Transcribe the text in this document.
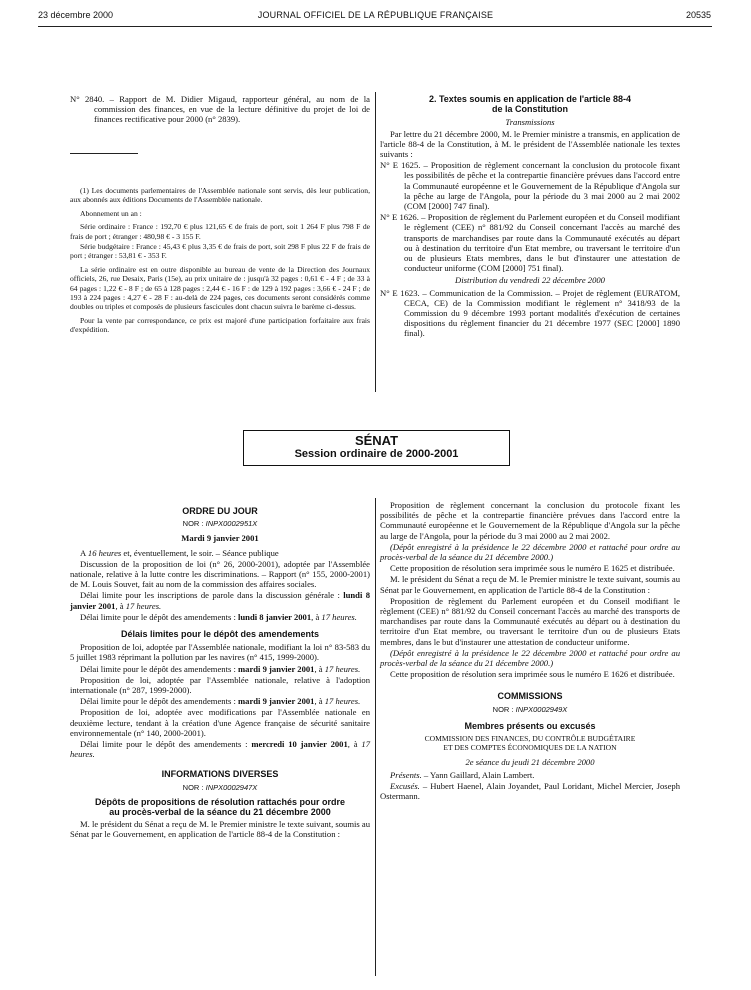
23 décembre 2000	JOURNAL OFFICIEL DE LA RÉPUBLIQUE FRANÇAISE	20535

N° 2840. – Rapport de M. Didier Migaud, rapporteur général, au nom de la commission des finances, en vue de la lecture définitive du projet de loi de finances rectificative pour 2000 (n° 2839).

(1) Les documents parlementaires de l'Assemblée nationale sont servis, dès leur publication, aux abonnés aux éditions Documents de l'Assemblée nationale.

Abonnement un an :

Série ordinaire : France : 192,70 € plus 121,65 € de frais de port, soit 1 264 F plus 798 F de frais de port ; étranger : 480,98 € - 3 155 F.

Série budgétaire : France : 45,43 € plus 3,35 € de frais de port, soit 298 F plus 22 F de frais de port ; étranger : 53,81 € - 353 F.

La série ordinaire est en outre disponible au bureau de vente de la Direction des Journaux officiels, 26, rue Desaix, Paris (15e), au prix unitaire de : jusqu'à 32 pages : 0,61 € - 4 F ; de 33 à 64 pages : 1,22 € - 8 F ; de 65 à 128 pages : 2,44 € - 16 F : de 129 à 192 pages : 3,66 € - 24 F ; de 193 à 224 pages : 4,27 € - 28 F : au-delà de 224 pages, ces documents seront considérés comme doubles ou triples et composés de plusieurs fascicules dont chacun suivra le barème ci-dessus.

Pour la vente par correspondance, ce prix est majoré d'une participation forfaitaire aux frais d'expédition.

2. Textes soumis en application de l'article 88-4
de la Constitution

Transmissions

Par lettre du 21 décembre 2000, M. le Premier ministre a transmis, en application de l'article 88-4 de la Constitution, à M. le président de l'Assemblée nationale les textes suivants :

N° E 1625. – Proposition de règlement concernant la conclusion du protocole fixant les possibilités de pêche et la contrepartie financière prévues dans l'accord entre la Communauté européenne et le Gouvernement de la République d'Angola sur la pêche au large de l'Angola, pour la période du 3 mai 2000 au 2 mai 2002 (COM [2000] 747 final).

N° E 1626. – Proposition de règlement du Parlement européen et du Conseil modifiant le règlement (CEE) n° 881/92 du Conseil concernant l'accès au marché des transports de marchandises par route dans la Communauté exécutés au départ ou à destination du territoire d'un Etat membre, ou traversant le territoire d'un ou de plusieurs Etats membres, dans le but d'instaurer une attestation de conducteur uniforme (COM [2000] 751 final).

Distribution du vendredi 22 décembre 2000

N° E 1623. – Communication de la Commission. – Projet de règlement (EURATOM, CECA, CE) de la Commission modifiant le règlement n° 3418/93 de la Commission du 9 décembre 1993 portant modalités d'exécution de certaines dispositions du règlement financier du 21 décembre 1977 (SEC [2000] 1890 final).

SÉNAT
Session ordinaire de 2000-2001
ORDRE DU JOUR
NOR : INPX0002951X

Mardi 9 janvier 2001

A 16 heures et, éventuellement, le soir. – Séance publique

Discussion de la proposition de loi (n° 26, 2000-2001), adoptée par l'Assemblée nationale, relative à la lutte contre les discriminations. – Rapport (n° 155, 2000-2001) de M. Louis Souvet, fait au nom de la commission des affaires sociales.

Délai limite pour les inscriptions de parole dans la discussion générale : lundi 8 janvier 2001, à 17 heures.

Délai limite pour le dépôt des amendements : lundi 8 janvier 2001, à 17 heures.

Délais limites pour le dépôt des amendements

Proposition de loi, adoptée par l'Assemblée nationale, modifiant la loi n° 83-583 du 5 juillet 1983 réprimant la pollution par les navires (n° 415, 1999-2000).

Délai limite pour le dépôt des amendements : mardi 9 janvier 2001, à 17 heures.

Proposition de loi, adoptée par l'Assemblée nationale, relative à l'adoption internationale (n° 287, 1999-2000).

Délai limite pour le dépôt des amendements : mardi 9 janvier 2001, à 17 heures.

Proposition de loi, adoptée avec modifications par l'Assemblée nationale en deuxième lecture, tendant à la création d'une Agence française de sécurité sanitaire environnementale (n° 140, 2000-2001).

Délai limite pour le dépôt des amendements : mercredi 10 janvier 2001, à 17 heures.

INFORMATIONS DIVERSES
NOR : INPX0002947X
Dépôts de propositions de résolution rattachés pour ordre
au procès-verbal de la séance du 21 décembre 2000

M. le président du Sénat a reçu de M. le Premier ministre le texte suivant, soumis au Sénat par le Gouvernement, en application de l'article 88-4 de la Constitution :

Proposition de règlement concernant la conclusion du protocole fixant les possibilités de pêche et la contrepartie financière prévues dans l'accord entre la Communauté européenne et le Gouvernement de la République d'Angola sur la pêche au large de l'Angola, pour la période du 3 mai 2000 au 2 mai 2002.

(Dépôt enregistré à la présidence le 22 décembre 2000 et rattaché pour ordre au procès-verbal de la séance du 21 décembre 2000.)

Cette proposition de résolution sera imprimée sous le numéro E 1625 et distribuée.

M. le président du Sénat a reçu de M. le Premier ministre le texte suivant, soumis au Sénat par le Gouvernement, en application de l'article 88-4 de la Constitution :

Proposition de règlement du Parlement européen et du Conseil modifiant le règlement (CEE) n° 881/92 du Conseil concernant l'accès au marché des transports de marchandises par route dans la Communauté exécutés au départ ou à destination du territoire d'un Etat membre, ou traversant le territoire d'un ou de plusieurs Etats membres, dans le but d'instaurer une attestation de conducteur uniforme.

(Dépôt enregistré à la présidence le 22 décembre 2000 et rattaché pour ordre au procès-verbal de la séance du 21 décembre 2000.)

Cette proposition de résolution sera imprimée sous le numéro E 1626 et distribuée.

COMMISSIONS
NOR : INPX0002949X
Membres présents ou excusés

COMMISSION DES FINANCES, DU CONTRÔLE BUDGÉTAIRE

ET DES COMPTES ÉCONOMIQUES DE LA NATION

2e séance du jeudi 21 décembre 2000

Présents. – Yann Gaillard, Alain Lambert.

Excusés. – Hubert Haenel, Alain Joyandet, Paul Loridant, Michel Mercier, Joseph Ostermann.
